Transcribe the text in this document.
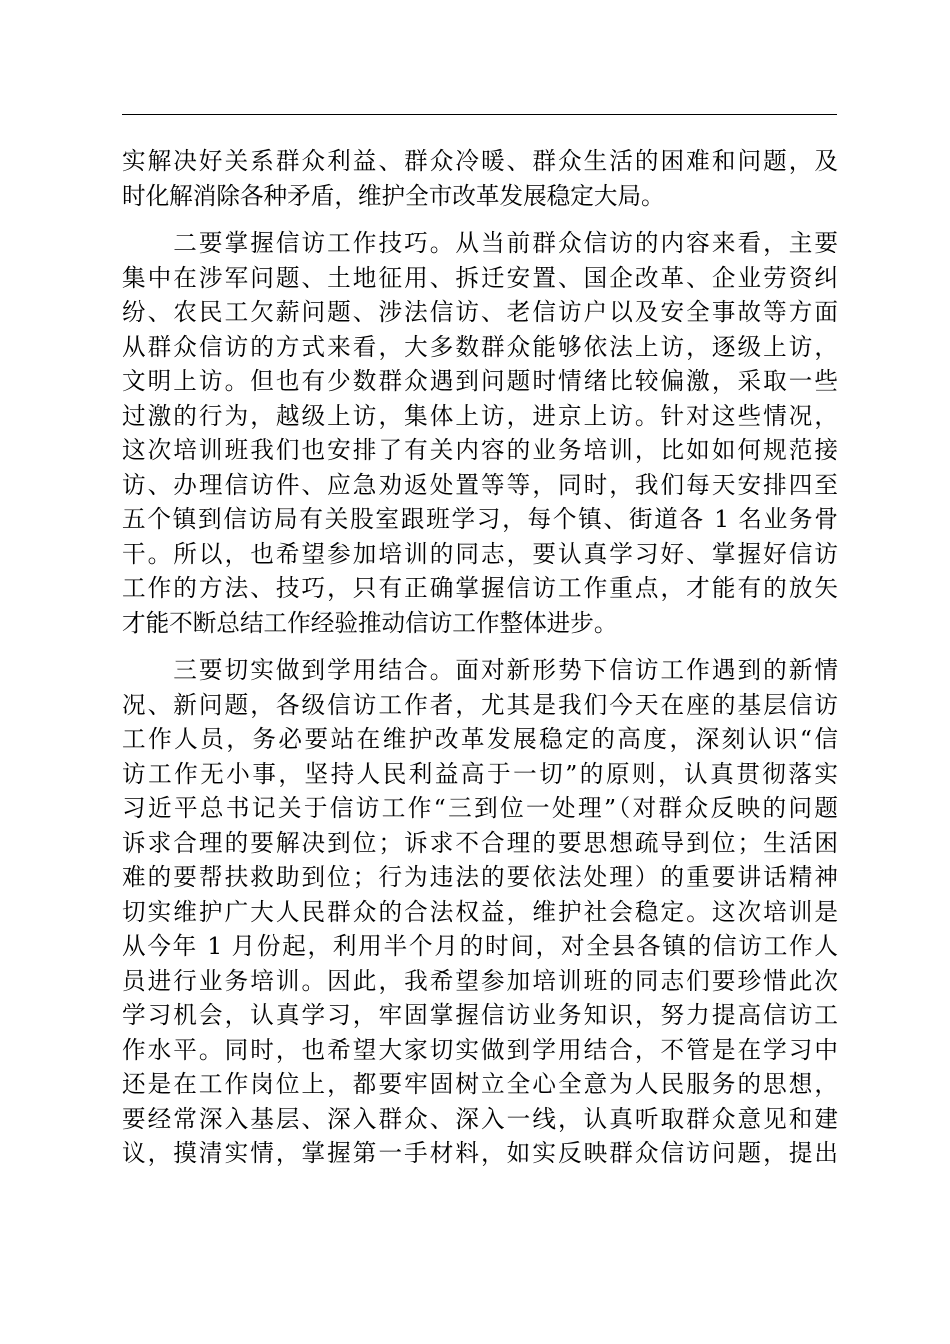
实解决好关系群众利益、群众冷暖、群众生活的困难和问题，及
时化解消除各种矛盾，维护全市改革发展稳定大局。
　　二要掌握信访工作技巧。从当前群众信访的内容来看，主要
集中在涉军问题、土地征用、拆迁安置、国企改革、企业劳资纠
纷、农民工欠薪问题、涉法信访、老信访户以及安全事故等方面
从群众信访的方式来看，大多数群众能够依法上访，逐级上访，
文明上访。但也有少数群众遇到问题时情绪比较偏激，采取一些
过激的行为，越级上访，集体上访，进京上访。针对这些情况，
这次培训班我们也安排了有关内容的业务培训，比如如何规范接
访、办理信访件、应急劝返处置等等，同时，我们每天安排四至
五个镇到信访局有关股室跟班学习，每个镇、街道各 1 名业务骨
干。所以，也希望参加培训的同志，要认真学习好、掌握好信访
工作的方法、技巧，只有正确掌握信访工作重点，才能有的放矢
才能不断总结工作经验推动信访工作整体进步。
　　三要切实做到学用结合。面对新形势下信访工作遇到的新情
况、新问题，各级信访工作者，尤其是我们今天在座的基层信访
工作人员，务必要站在维护改革发展稳定的高度，深刻认识“信
访工作无小事，坚持人民利益高于一切”的原则，认真贯彻落实
习近平总书记关于信访工作“三到位一处理”（对群众反映的问题
诉求合理的要解决到位；诉求不合理的要思想疏导到位；生活困
难的要帮扶救助到位；行为违法的要依法处理）的重要讲话精神
切实维护广大人民群众的合法权益，维护社会稳定。这次培训是
从今年 1 月份起，利用半个月的时间，对全县各镇的信访工作人
员进行业务培训。因此，我希望参加培训班的同志们要珍惜此次
学习机会，认真学习，牢固掌握信访业务知识，努力提高信访工
作水平。同时，也希望大家切实做到学用结合，不管是在学习中
还是在工作岗位上，都要牢固树立全心全意为人民服务的思想，
要经常深入基层、深入群众、深入一线，认真听取群众意见和建
议，摸清实情，掌握第一手材料，如实反映群众信访问题，提出
